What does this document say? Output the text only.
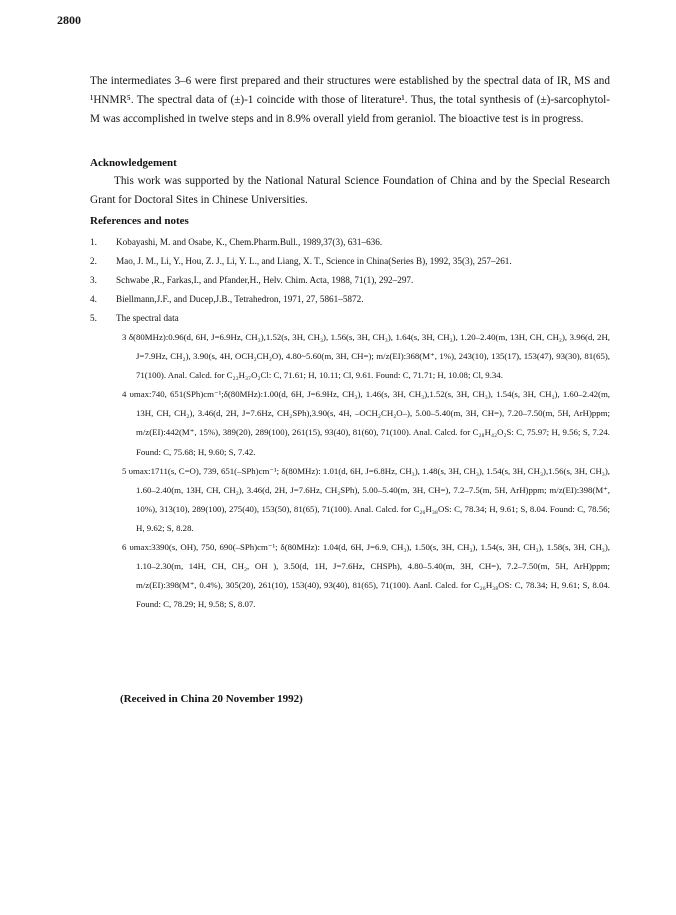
2800
The intermediates 3–6 were first prepared and their structures were established by the spectral data of IR, MS and ¹HNMR⁵. The spectral data of (±)-1 coincide with those of literature¹. Thus, the total synthesis of (±)-sarcophytol-M was accomplished in twelve steps and in 8.9% overall yield from geraniol. The bioactive test is in progress.
Acknowledgement
This work was supported by the National Natural Science Foundation of China and by the Special Research Grant for Doctoral Sites in Chinese Universities.
References and notes
1. Kobayashi, M. and Osabe, K., Chem.Pharm.Bull., 1989,37(3), 631–636.
2. Mao, J. M., Li, Y., Hou, Z. J., Li, Y. L., and Liang, X. T., Science in China(Series B), 1992, 35(3), 257–261.
3. Schwabe ,R., Farkas,I., and Pfander,H., Helv. Chim. Acta, 1988, 71(1), 292–297.
4. Biellmann,J.F., and Ducep,J.B., Tetrahedron, 1971, 27, 5861–5872.
5. The spectral data
3 δ(80MHz):0.96(d, 6H, J=6.9Hz, CH₃),1.52(s, 3H, CH₃), 1.56(s, 3H, CH₃), 1.64(s, 3H, CH₃), 1.20–2.40(m, 13H, CH, CH₂), 3.96(d, 2H, J=7.9Hz, CH₂), 3.90(s, 4H, OCH₂CH₂O), 4.80~5.60(m, 3H, CH=); m/z(EI):368(M⁺, 1%), 243(10), 135(17), 153(47), 93(30), 81(65), 71(100). Anal. Calcd. for C₂₂H₃₇O₂Cl: C, 71.61; H, 10.11; Cl, 9.61. Found: C, 71.71; H, 10.08; Cl, 9.34.
4 υmax:740, 651(SPh)cm⁻¹;δ(80MHz):1.00(d, 6H, J=6.9Hz, CH₃), 1.46(s, 3H, CH₃),1.52(s, 3H, CH₃), 1.54(s, 3H, CH₃), 1.60–2.42(m, 13H, CH, CH₂), 3.46(d, 2H, J=7.6Hz, CH₂SPh),3.90(s, 4H, –OCH₂CH₂O–), 5.00–5.40(m, 3H, CH=), 7.20–7.50(m, 5H, ArH)ppm; m/z(EI):442(M⁺, 15%), 389(20), 289(100), 261(15), 93(40), 81(60), 71(100). Anal. Calcd. for C₂₈H₄₂O₂S: C, 75.97; H, 9.56; S, 7.24. Found: C, 75.68; H, 9.60; S, 7.42.
5 υmax:1711(s, C=O), 739, 651(–SPh)cm⁻¹; δ(80MHz): 1.01(d, 6H, J=6.8Hz, CH₃), 1.48(s, 3H, CH₃), 1.54(s, 3H, CH₃),1.56(s, 3H, CH₃), 1.60–2.40(m, 13H, CH, CH₂), 3.46(d, 2H, J=7.6Hz, CH₂SPh), 5.00–5.40(m, 3H, CH=), 7.2–7.5(m, 5H, ArH)ppm; m/z(EI):398(M⁺, 10%), 313(10), 289(100), 275(40), 153(50), 81(65), 71(100). Anal. Calcd. for C₂₆H₃₈OS: C, 78.34; H, 9.61; S, 8.04. Found: C, 78.56; H, 9.62; S, 8.28.
6 υmax:3390(s, OH), 750, 690(–SPh)cm⁻¹; δ(80MHz): 1.04(d, 6H, J=6.9, CH₃), 1.50(s, 3H, CH₃), 1.54(s, 3H, CH₃), 1.58(s, 3H, CH₃), 1.10–2.30(m, 14H, CH, CH₂, OH ), 3.50(d, 1H, J=7.6Hz, CHSPh), 4.80–5.40(m, 3H, CH=), 7.2–7.50(m, 5H, ArH)ppm; m/z(EI):398(M⁺, 0.4%), 305(20), 261(10), 153(40), 93(40), 81(65), 71(100). Aanl. Calcd. for C₂₆H₃₈OS: C, 78.34; H, 9.61; S, 8.04. Found: C, 78.29; H, 9.58; S, 8.07.
(Received in China 20 November 1992)
